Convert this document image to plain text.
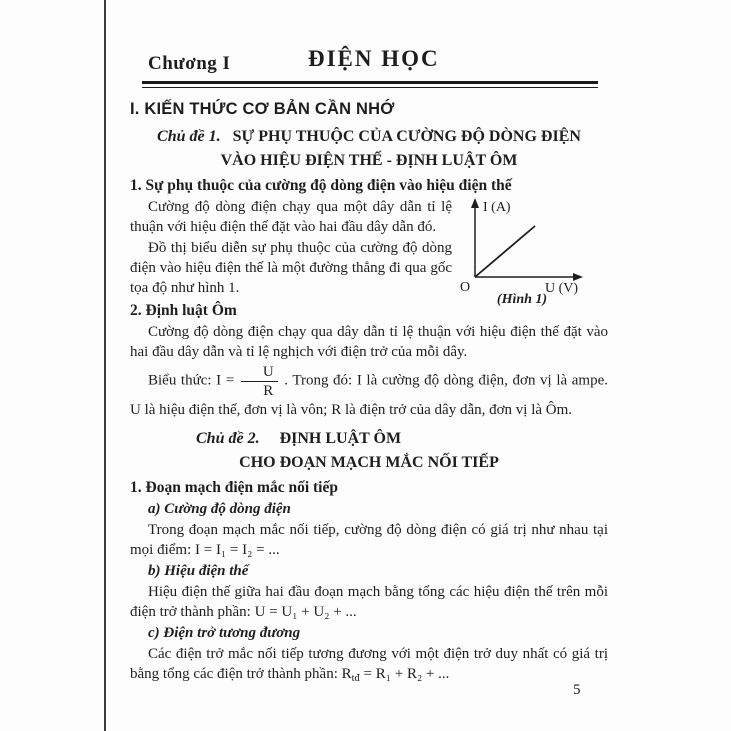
Chương I	ĐIỆN HỌC
I. KIẾN THỨC CƠ BẢN CẦN NHỚ
Chủ đề 1. SỰ PHỤ THUỘC CỦA CƯỜNG ĐỘ DÒNG ĐIỆN
VÀO HIỆU ĐIỆN THẾ - ĐỊNH LUẬT ÔM
1. Sự phụ thuộc của cường độ dòng điện vào hiệu điện thế

Cường độ dòng điện chạy qua một dây dẫn tỉ lệ thuận với hiệu điện thế đặt vào hai đầu dây dẫn đó.

Đồ thị biểu diễn sự phụ thuộc của cường độ dòng điện vào hiệu điện thế là một đường thẳng đi qua gốc tọa độ như hình 1.

I (A)
O	U (V)
(Hình 1)
2. Định luật Ôm

Cường độ dòng điện chạy qua dây dẫn tỉ lệ thuận với hiệu điện thế đặt vào hai đầu dây dẫn và tỉ lệ nghịch với điện trở của mỗi dây.

Biểu thức: $I = \frac{U}{R}$ . Trong đó: I là cường độ dòng điện, đơn vị là ampe. U là hiệu điện thế, đơn vị là vôn; R là điện trở của dây dẫn, đơn vị là Ôm.

Chủ đề 2. ĐỊNH LUẬT ÔM
CHO ĐOẠN MẠCH MẮC NỐI TIẾP
1. Đoạn mạch điện mắc nối tiếp
a) Cường độ dòng điện

Trong đoạn mạch mắc nối tiếp, cường độ dòng điện có giá trị như nhau tại mọi điểm: I = I₁ = I₂ = ...

b) Hiệu điện thế

Hiệu điện thế giữa hai đầu đoạn mạch bằng tổng các hiệu điện thế trên mỗi điện trở thành phần: U = U₁ + U₂ + ...

c) Điện trở tương đương

Các điện trở mắc nối tiếp tương đương với một điện trở duy nhất có giá trị bằng tổng các điện trở thành phần: $R_{tđ} = R_1 + R_2$ + ...

5
